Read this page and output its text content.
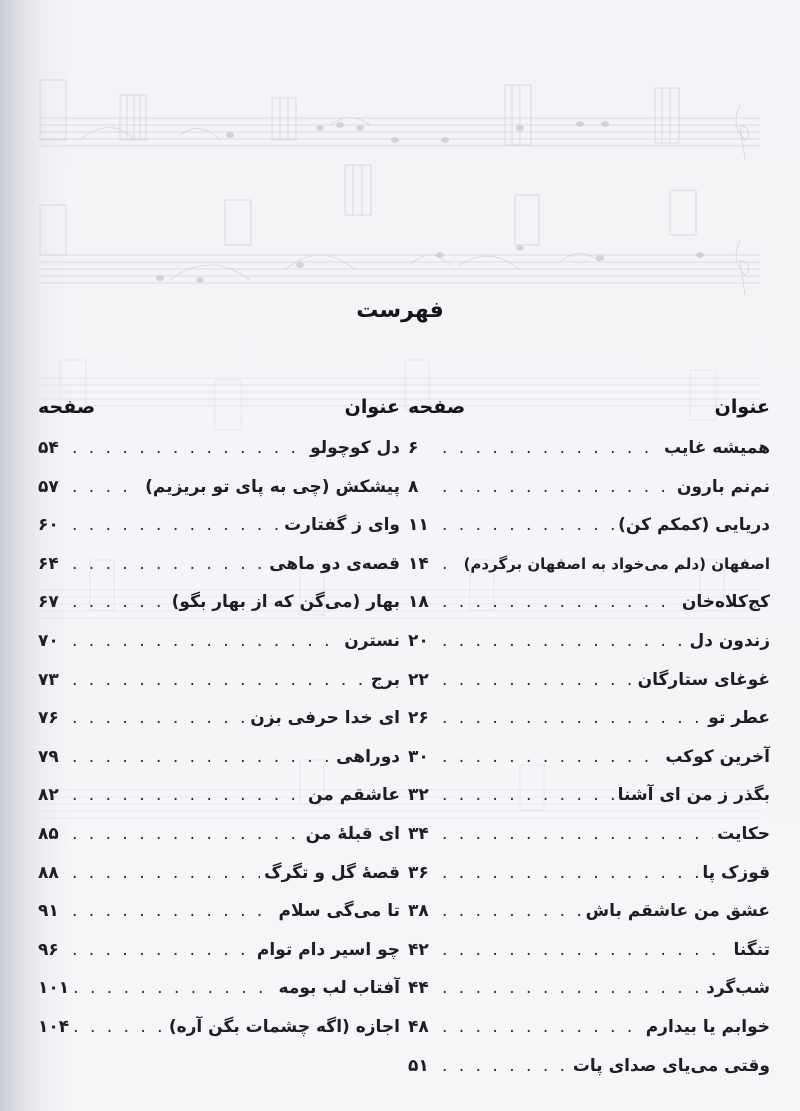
فهرست
عنوان
صفحه
همیشه غایب
. . .
۶
نم‌نم بارون
. . .
۸
دریایی (کمکم کن)
. . .
۱۱
اصفهان (دلم می‌خواد به اصفهان برگردم)
. . .
۱۴
کج‌کلاه‌خان
. . .
۱۸
زندون دل
. . .
۲۰
غوغای ستارگان
. . .
۲۲
عطر تو
. . .
۲۶
آخرین کوکب
. . .
۳۰
بگذر ز من ای آشنا
. . .
۳۲
حکایت
. . .
۳۴
قوزک پا
. . .
۳۶
عشق من عاشقم باش
. . .
۳۸
تنگنا
. . .
۴۲
شب‌گرد
. . .
۴۴
خوابم یا بیدارم
. . .
۴۸
وقتی می‌یای صدای پات
. . .
۵۱
عنوان
صفحه
دل کوچولو
. . .
۵۴
پیشکش (چی به پای تو بریزیم)
. . .
۵۷
وای ز گفتارت
. . .
۶۰
قصه‌ی دو ماهی
. . .
۶۴
بهار (می‌گن که از بهار بگو)
. . .
۶۷
نسترن
. . .
۷۰
برج
. . .
۷۳
ای خدا حرفی بزن
. . .
۷۶
دوراهی
. . .
۷۹
عاشقم من
. . .
۸۲
ای قبلهٔ من
. . .
۸۵
قصهٔ گل و تگرگ
. . .
۸۸
تا می‌گی سلام
. . .
۹۱
چو اسیر دام توام
. . .
۹۶
آفتاب لب بومه
. . .
۱۰۱
اجازه (اگه چشمات بگن آره)
. . .
۱۰۴
